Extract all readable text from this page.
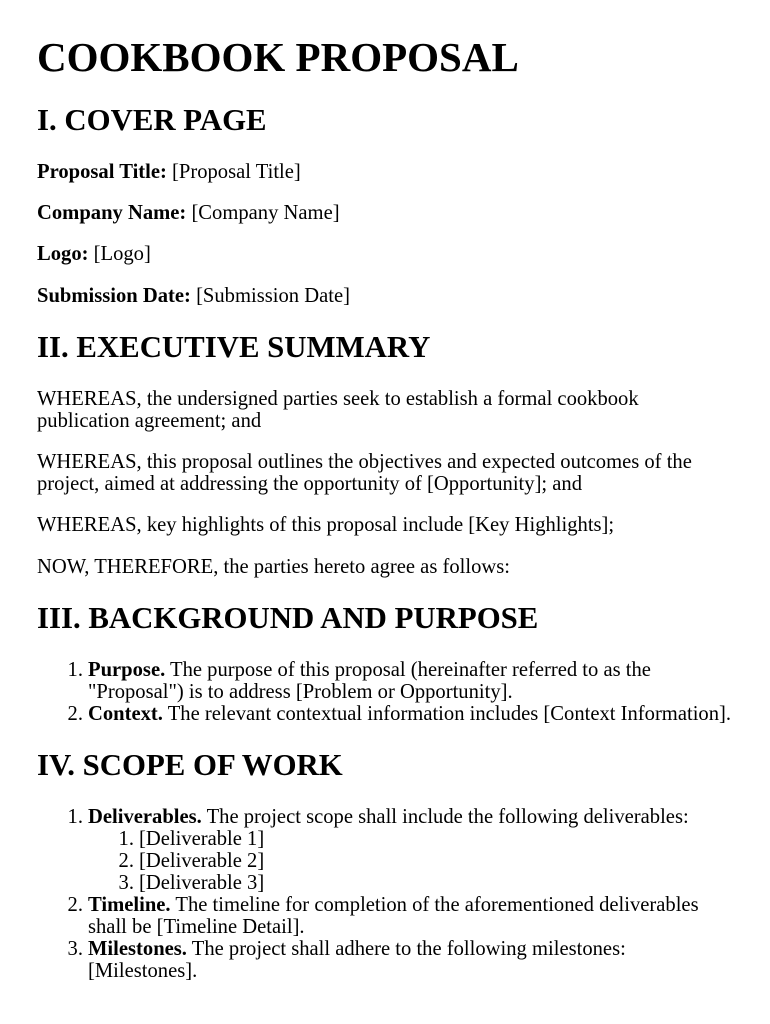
COOKBOOK PROPOSAL
I. COVER PAGE

Proposal Title: [Proposal Title]

Company Name: [Company Name]

Logo: [Logo]

Submission Date: [Submission Date]

II. EXECUTIVE SUMMARY

WHEREAS, the undersigned parties seek to establish a formal cookbook publication agreement; and

WHEREAS, this proposal outlines the objectives and expected outcomes of the project, aimed at addressing the opportunity of [Opportunity]; and

WHEREAS, key highlights of this proposal include [Key Highlights];

NOW, THEREFORE, the parties hereto agree as follows:

III. BACKGROUND AND PURPOSE
1. Purpose. The purpose of this proposal (hereinafter referred to as the "Proposal") is to address [Problem or Opportunity].
2. Context. The relevant contextual information includes [Context Information].
IV. SCOPE OF WORK
1. Deliverables. The project scope shall include the following deliverables:
1. [Deliverable 1]
2. [Deliverable 2]
3. [Deliverable 3]
2. Timeline. The timeline for completion of the aforementioned deliverables shall be [Timeline Detail].
3. Milestones. The project shall adhere to the following milestones: [Milestones].
